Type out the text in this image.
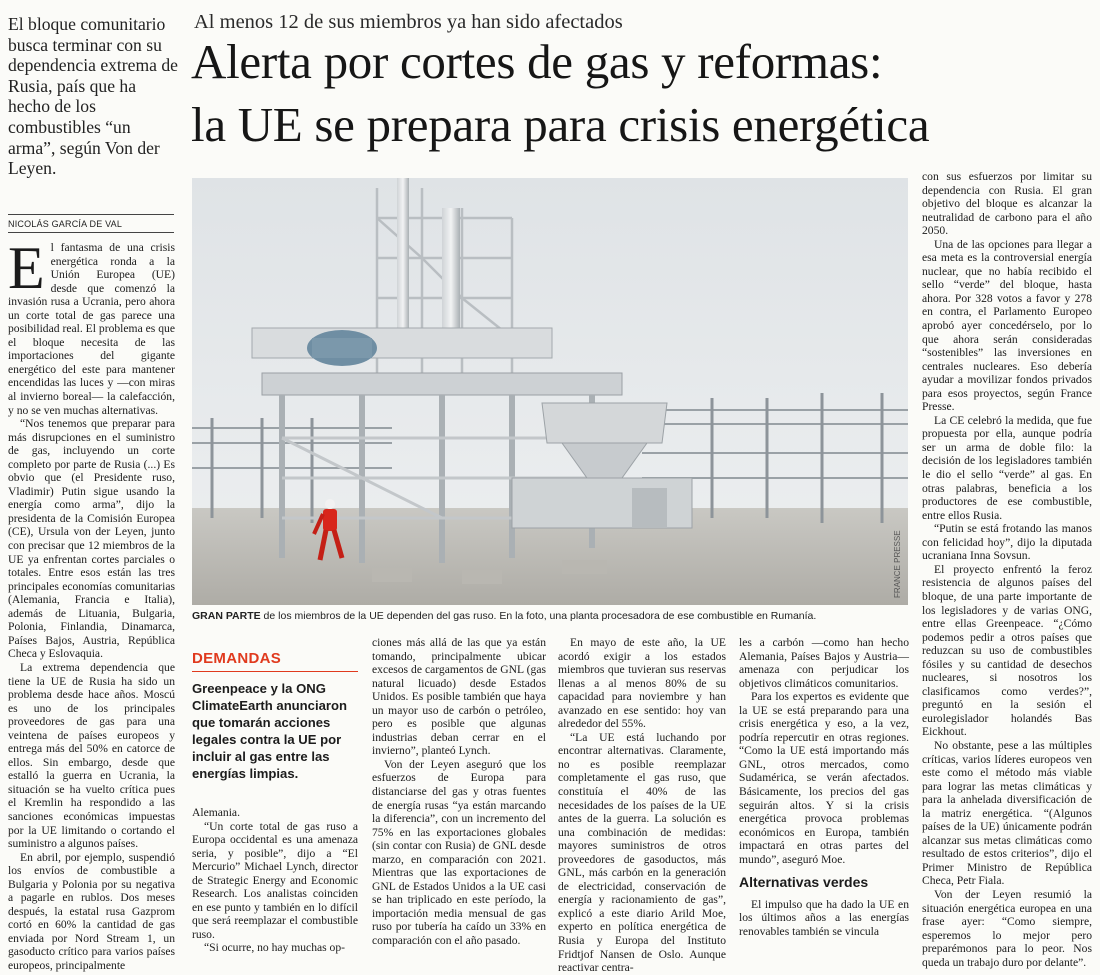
El bloque comunitario busca terminar con su dependencia extrema de Rusia, país que ha hecho de los combustibles “un arma”, según Von der Leyen.
NICOLÁS GARCÍA DE VAL
Al menos 12 de sus miembros ya han sido afectados
Alerta por cortes de gas y reformas:
la UE se prepara para crisis energética
FRANCE PRESSE
GRAN PARTE de los miembros de la UE dependen del gas ruso. En la foto, una planta procesadora de ese combustible en Rumanía.

El fantasma de una crisis energética ronda a la Unión Europea (UE) desde que comenzó la invasión rusa a Ucrania, pero ahora un corte total de gas parece una posibilidad real. El problema es que el bloque necesita de las importaciones del gigante energético del este para mantener encendidas las luces y —con miras al invierno boreal— la calefacción, y no se ven muchas alternativas.

“Nos tenemos que preparar para más disrupciones en el suministro de gas, incluyendo un corte completo por parte de Rusia (...) Es obvio que (el Presidente ruso, Vladimir) Putin sigue usando la energía como arma”, dijo la presidenta de la Comisión Europea (CE), Ursula von der Leyen, junto con precisar que 12 miembros de la UE ya enfrentan cortes parciales o totales. Entre esos están las tres principales economías comunitarias (Alemania, Francia e Italia), además de Lituania, Bulgaria, Polonia, Finlandia, Dinamarca, Países Bajos, Austria, República Checa y Eslovaquia.

La extrema dependencia que tiene la UE de Rusia ha sido un problema desde hace años. Moscú es uno de los principales proveedores de gas para una veintena de países europeos y entrega más del 50% en catorce de ellos. Sin embargo, desde que estalló la guerra en Ucrania, la situación se ha vuelto crítica pues el Kremlin ha respondido a las sanciones económicas impuestas por la UE limitando o cortando el suministro a algunos países.

En abril, por ejemplo, suspendió los envíos de combustible a Bulgaria y Polonia por su negativa a pagarle en rublos. Dos meses después, la estatal rusa Gazprom cortó en 60% la cantidad de gas enviada por Nord Stream 1, un gasoducto crítico para varios países europeos, principalmente

DEMANDAS
Greenpeace y la ONG ClimateEarth anunciaron que tomarán acciones legales contra la UE por incluir al gas entre las energías limpias.

Alemania.

“Un corte total de gas ruso a Europa occidental es una amenaza seria, y posible”, dijo a “El Mercurio” Michael Lynch, director de Strategic Energy and Economic Research. Los analistas coinciden en ese punto y también en lo difícil que será reemplazar el combustible ruso.

“Si ocurre, no hay muchas op-

ciones más allá de las que ya están tomando, principalmente ubicar excesos de cargamentos de GNL (gas natural licuado) desde Estados Unidos. Es posible también que haya un mayor uso de carbón o petróleo, pero es posible que algunas industrias deban cerrar en el invierno”, planteó Lynch.

Von der Leyen aseguró que los esfuerzos de Europa para distanciarse del gas y otras fuentes de energía rusas “ya están marcando la diferencia”, con un incremento del 75% en las exportaciones globales (sin contar con Rusia) de GNL desde marzo, en comparación con 2021. Mientras que las exportaciones de GNL de Estados Unidos a la UE casi se han triplicado en este período, la importación media mensual de gas ruso por tubería ha caído un 33% en comparación con el año pasado.

En mayo de este año, la UE acordó exigir a los estados miembros que tuvieran sus reservas llenas a al menos 80% de su capacidad para noviembre y han avanzado en ese sentido: hoy van alrededor del 55%.

“La UE está luchando por encontrar alternativas. Claramente, no es posible reemplazar completamente el gas ruso, que constituía el 40% de las necesidades de los países de la UE antes de la guerra. La solución es una combinación de medidas: mayores suministros de otros proveedores de gasoductos, más GNL, más carbón en la generación de electricidad, conservación de energía y racionamiento de gas”, explicó a este diario Arild Moe, experto en política energética de Rusia y Europa del Instituto Fridtjof Nansen de Oslo. Aunque reactivar centra-

les a carbón —como han hecho Alemania, Países Bajos y Austria— amenaza con perjudicar los objetivos climáticos comunitarios.

Para los expertos es evidente que la UE se está preparando para una crisis energética y eso, a la vez, podría repercutir en otras regiones. “Como la UE está importando más GNL, otros mercados, como Sudamérica, se verán afectados. Básicamente, los precios del gas seguirán altos. Y si la crisis energética provoca problemas económicos en Europa, también impactará en otras partes del mundo”, aseguró Moe.

Alternativas verdes

El impulso que ha dado la UE en los últimos años a las energías renovables también se vincula

con sus esfuerzos por limitar su dependencia con Rusia. El gran objetivo del bloque es alcanzar la neutralidad de carbono para el año 2050.

Una de las opciones para llegar a esa meta es la controversial energía nuclear, que no había recibido el sello “verde” del bloque, hasta ahora. Por 328 votos a favor y 278 en contra, el Parlamento Europeo aprobó ayer concedérselo, por lo que ahora serán consideradas “sostenibles” las inversiones en centrales nucleares. Eso debería ayudar a movilizar fondos privados para esos proyectos, según France Presse.

La CE celebró la medida, que fue propuesta por ella, aunque podría ser un arma de doble filo: la decisión de los legisladores también le dio el sello “verde” al gas. En otras palabras, beneficia a los productores de ese combustible, entre ellos Rusia.

“Putin se está frotando las manos con felicidad hoy”, dijo la diputada ucraniana Inna Sovsun.

El proyecto enfrentó la feroz resistencia de algunos países del bloque, de una parte importante de los legisladores y de varias ONG, entre ellas Greenpeace. “¿Cómo podemos pedir a otros países que reduzcan su uso de combustibles fósiles y su cantidad de desechos nucleares, si nosotros los clasificamos como verdes?”, preguntó en la sesión el eurolegislador holandés Bas Eickhout.

No obstante, pese a las múltiples críticas, varios líderes europeos ven este como el método más viable para lograr las metas climáticas y para la anhelada diversificación de la matriz energética. “(Algunos países de la UE) únicamente podrán alcanzar sus metas climáticas como resultado de estos criterios”, dijo el Primer Ministro de República Checa, Petr Fiala.

Von der Leyen resumió la situación energética europea en una frase ayer: “Como siempre, esperemos lo mejor pero preparémonos para lo peor. Nos queda un trabajo duro por delante”.
